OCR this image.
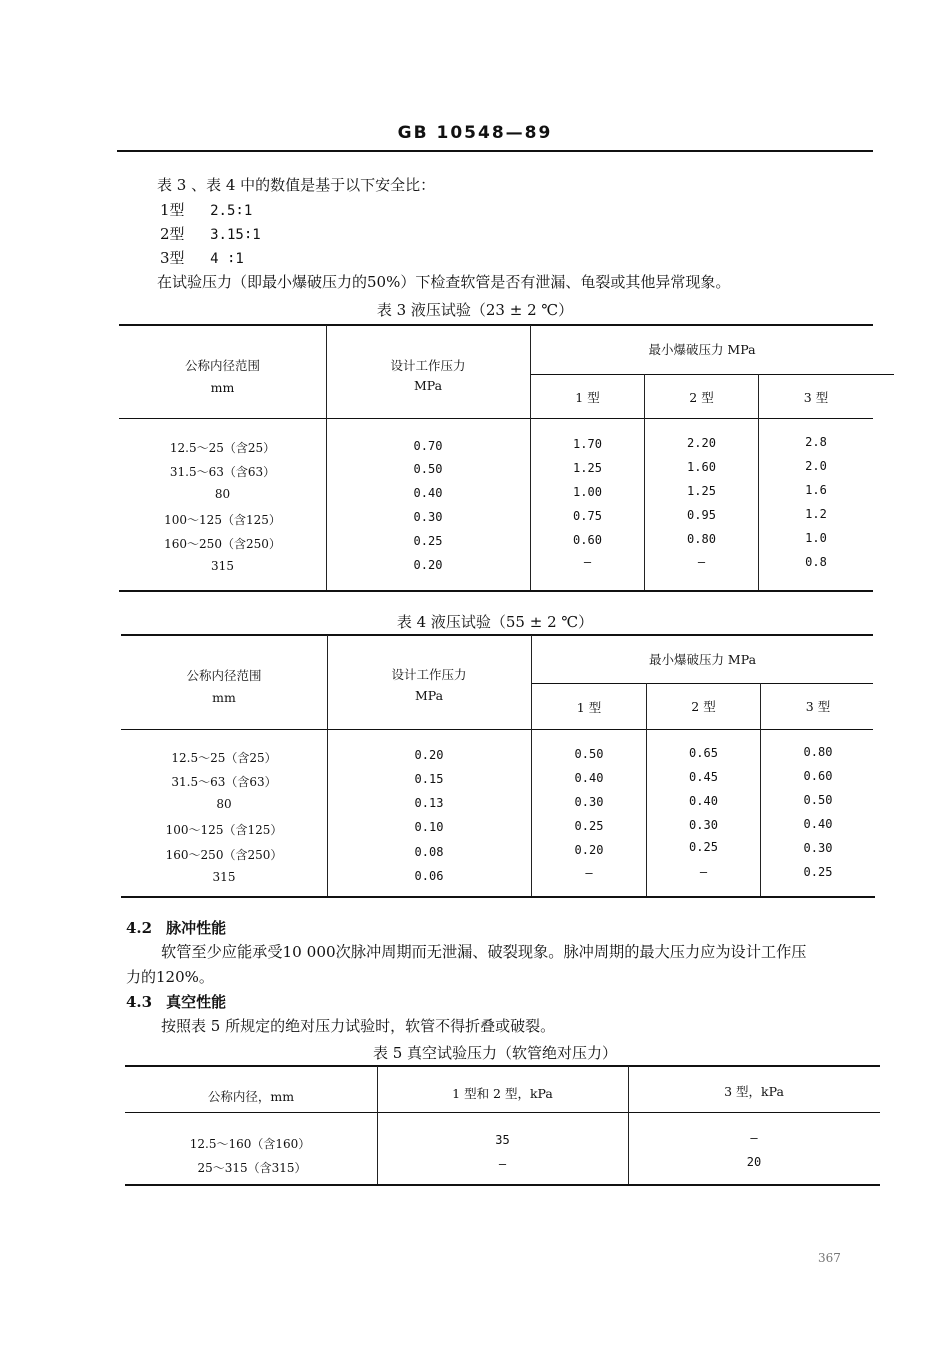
GB 10548—89
表 3 、表 4 中的数值是基于以下安全比：
1型 2.5∶1
2型 3.15∶1
3型 4 ∶1
在试验压力（即最小爆破压力的50%）下检查软管是否有泄漏、龟裂或其他异常现象。
表 3 液压试验（23 ± 2 ℃）
公称内径范围
mm
设计工作压力
MPa
最小爆破压力 MPa
1 型	2 型	3 型
12.5～25（含25）	0.70	1.70	2.20	2.8
31.5～63（含63）	0.50	1.25	1.60	2.0
80	0.40	1.00	1.25	1.6
100～125（含125）	0.30	0.75	0.95	1.2
160～250（含250）	0.25	0.60	0.80	1.0
315	0.20	—	—	0.8
表 4 液压试验（55 ± 2 ℃）
公称内径范围
mm
设计工作压力
MPa
最小爆破压力 MPa
1 型	2 型	3 型
12.5～25（含25）	0.20	0.50	0.65	0.80
31.5～63（含63）	0.15	0.40	0.45	0.60
80	0.13	0.30	0.40	0.50
100～125（含125）	0.10	0.25	0.30	0.40
160～250（含250）	0.08	0.20	0.25	0.30
315	0.06	—	—	0.25
4.2 脉冲性能
软管至少应能承受10 000次脉冲周期而无泄漏、破裂现象。脉冲周期的最大压力应为设计工作压
力的120%。
4.3 真空性能
按照表 5 所规定的绝对压力试验时，软管不得折叠或破裂。
表 5 真空试验压力（软管绝对压力）
公称内径，mm	1 型和 2 型，kPa	3 型，kPa
12.5～160（含160）	35	—
25～315（含315）	—	20
367
